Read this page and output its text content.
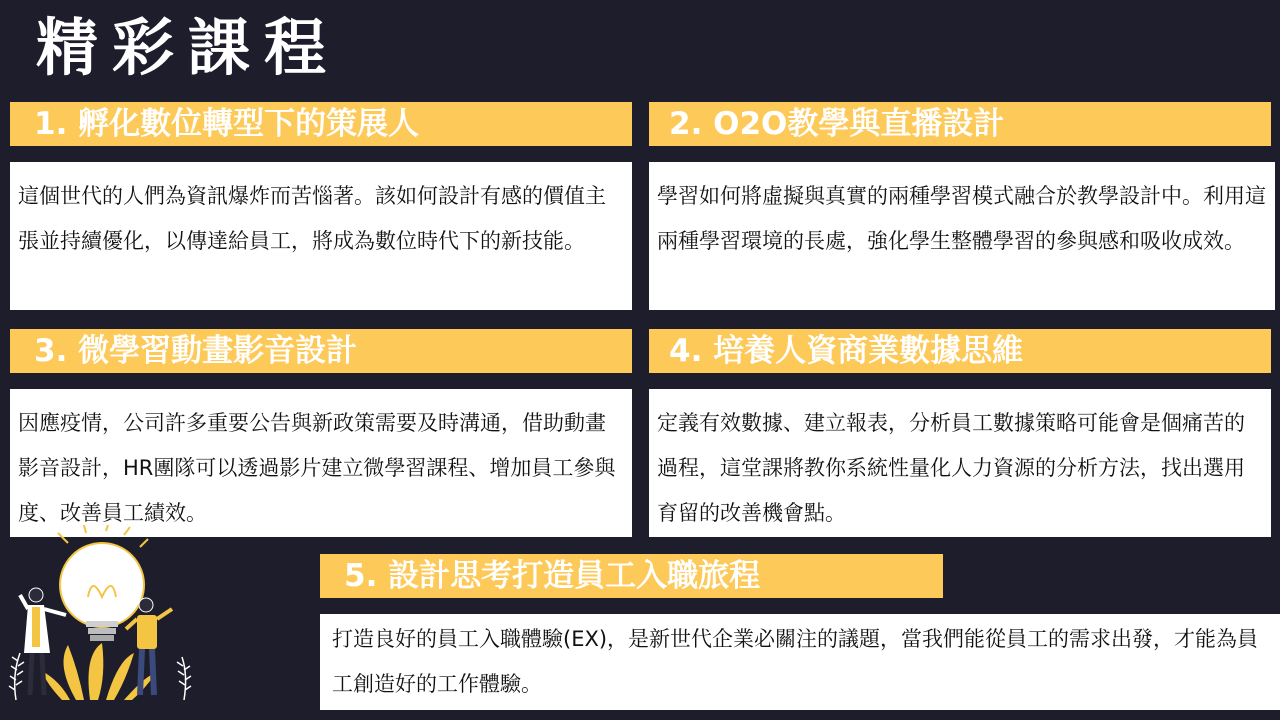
精彩課程
1. 孵化數位轉型下的策展人
這個世代的人們為資訊爆炸而苦惱著。該如何設計有感的價值主張並持續優化，以傳達給員工，將成為數位時代下的新技能。
2. O2O教學與直播設計
學習如何將虛擬與真實的兩種學習模式融合於教學設計中。利用這兩種學習環境的長處，強化學生整體學習的參與感和吸收成效。
3. 微學習動畫影音設計
因應疫情，公司許多重要公告與新政策需要及時溝通，借助動畫影音設計，HR團隊可以透過影片建立微學習課程、增加員工參與度、改善員工績效。
4. 培養人資商業數據思維
定義有效數據、建立報表，分析員工數據策略可能會是個痛苦的過程，這堂課將教你系統性量化人力資源的分析方法，找出選用育留的改善機會點。
5. 設計思考打造員工入職旅程
打造良好的員工入職體驗(EX)，是新世代企業必關注的議題，當我們能從員工的需求出發，才能為員工創造好的工作體驗。
